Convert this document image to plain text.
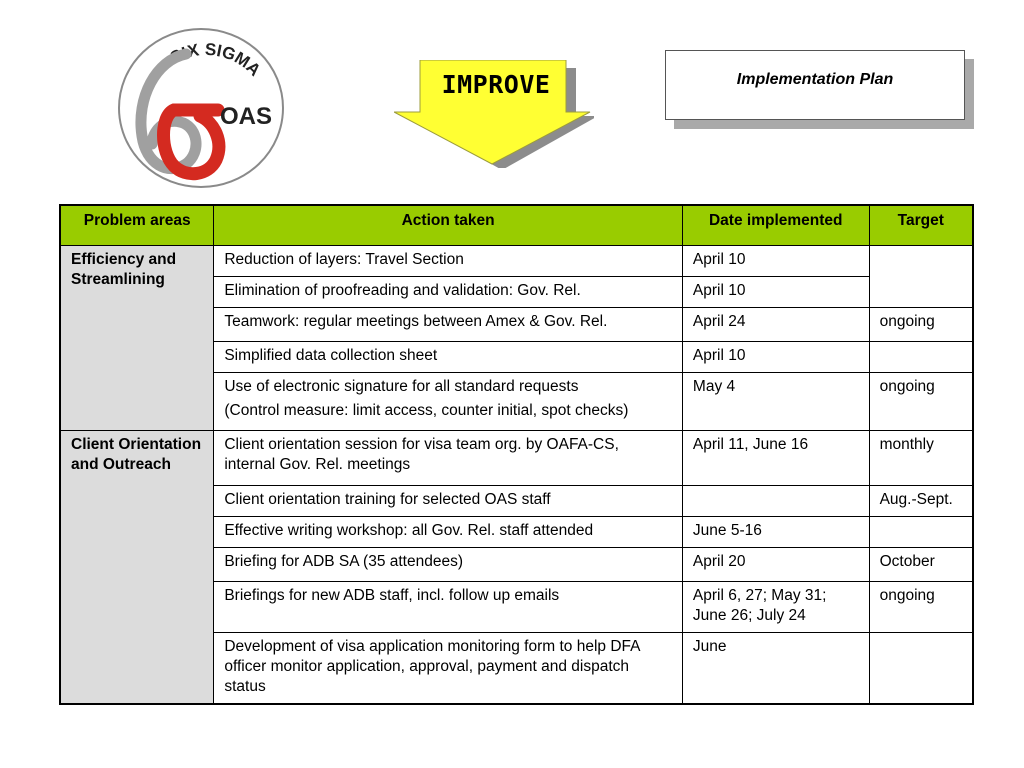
SIX SIGMA
OAS
IMPROVE	Implementation Plan
Problem areas	Action taken	Date implemented	Target
Efficiency and Streamlining	Reduction of layers: Travel Section	April 10	
	Elimination of proofreading and validation: Gov. Rel.	April 10	
	Teamwork: regular meetings between Amex & Gov. Rel.	April 24	ongoing
	Simplified data collection sheet	April 10	
	Use of electronic signature for all standard requests
(Control measure: limit access, counter initial, spot checks)	May 4	ongoing
Client Orientation and Outreach	Client orientation session for visa team org. by OAFA-CS, internal Gov. Rel. meetings	April 11, June 16	monthly
	Client orientation training for selected OAS staff		Aug.-Sept.
	Effective writing workshop: all Gov. Rel. staff attended	June 5-16	
	Briefing for ADB SA (35 attendees)	April 20	October
	Briefings for new ADB staff, incl. follow up emails	April 6, 27; May 31; June 26; July 24	ongoing
	Development of visa application monitoring form to help DFA officer monitor application, approval, payment and dispatch status	June	
